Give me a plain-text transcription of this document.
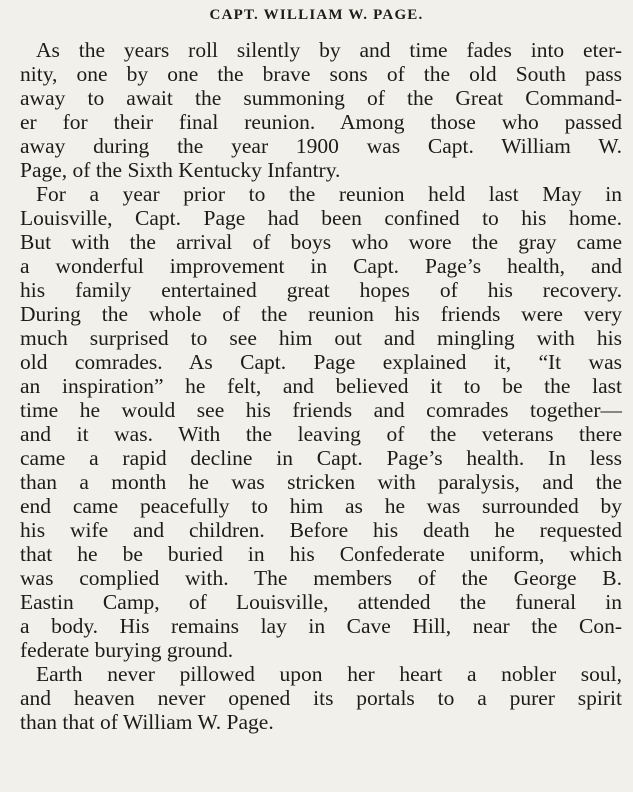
CAPT. WILLIAM W. PAGE.
As the years roll silently by and time fades into eter-
nity, one by one the brave sons of the old South pass
away to await the summoning of the Great Command-
er for their final reunion. Among those who passed
away during the year 1900 was Capt. William W.
Page, of the Sixth Kentucky Infantry.
For a year prior to the reunion held last May in
Louisville, Capt. Page had been confined to his home.
But with the arrival of boys who wore the gray came
a wonderful improvement in Capt. Page’s health, and
his family entertained great hopes of his recovery.
During the whole of the reunion his friends were very
much surprised to see him out and mingling with his
old comrades. As Capt. Page explained it, “It was
an inspiration” he felt, and believed it to be the last
time he would see his friends and comrades together—
and it was. With the leaving of the veterans there
came a rapid decline in Capt. Page’s health. In less
than a month he was stricken with paralysis, and the
end came peacefully to him as he was surrounded by
his wife and children. Before his death he requested
that he be buried in his Confederate uniform, which
was complied with. The members of the George B.
Eastin Camp, of Louisville, attended the funeral in
a body. His remains lay in Cave Hill, near the Con-
federate burying ground.
Earth never pillowed upon her heart a nobler soul,
and heaven never opened its portals to a purer spirit
than that of William W. Page.
